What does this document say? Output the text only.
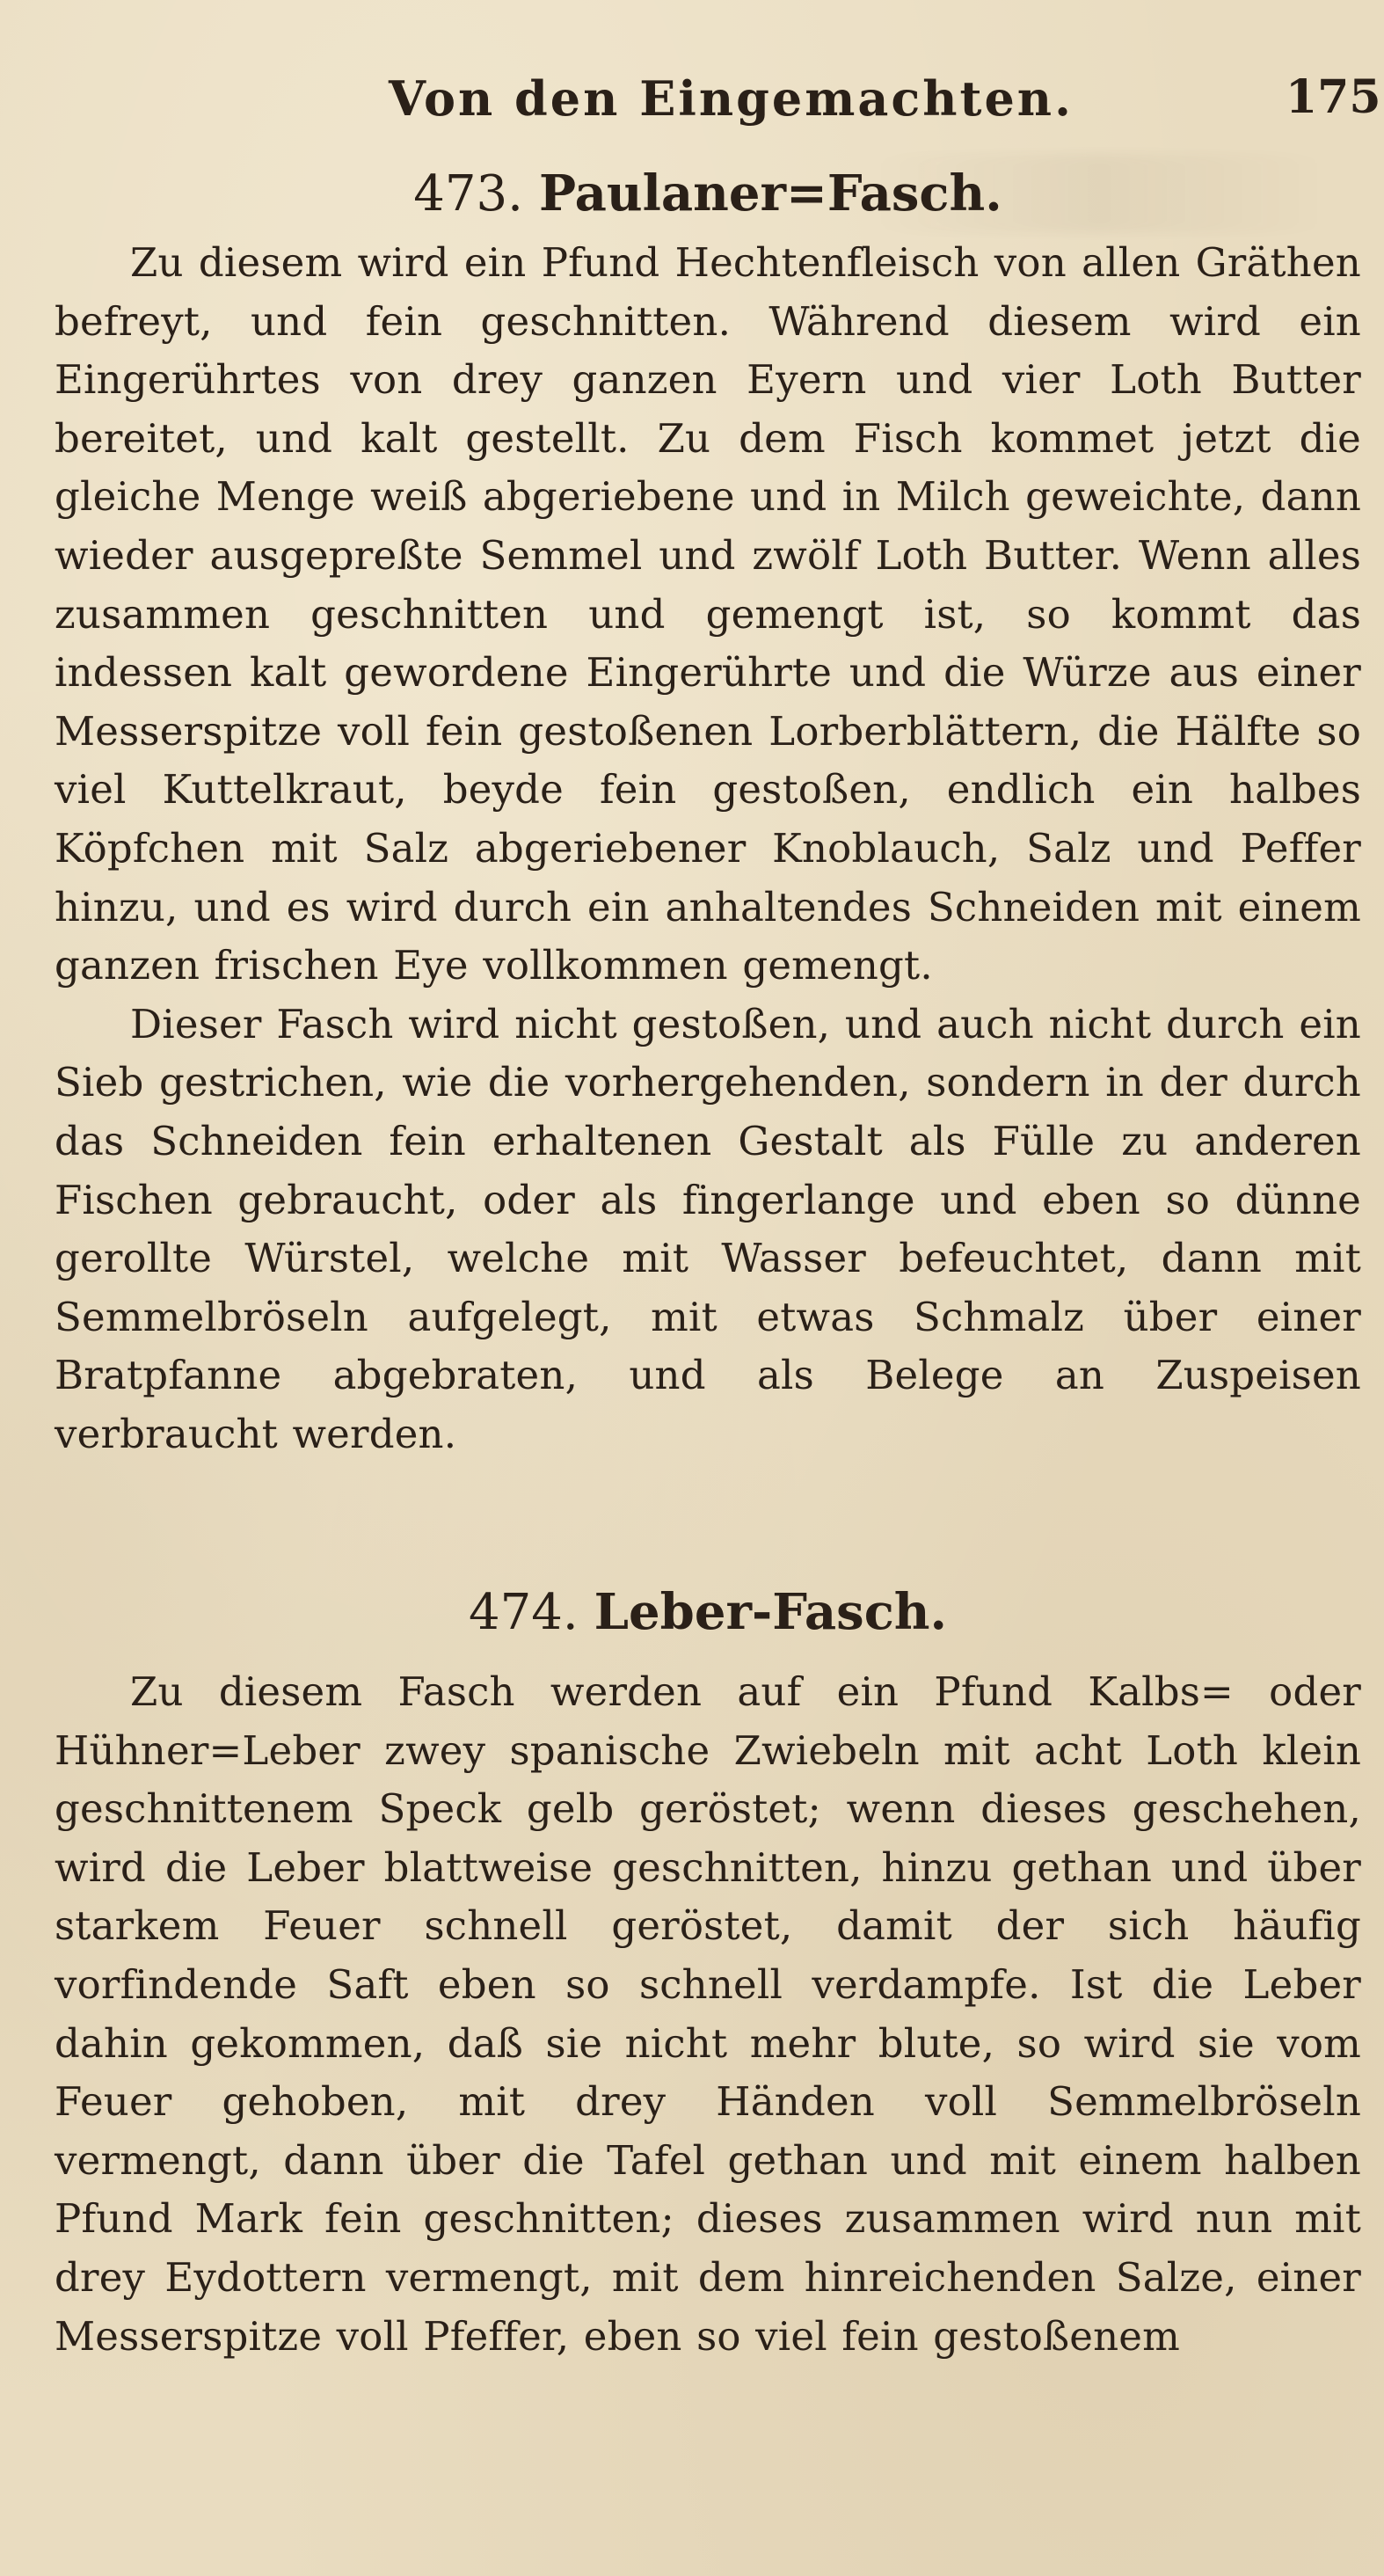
Von den Eingemachten.	175
473. Paulaner=Fasch.

Zu diesem wird ein Pfund Hechtenfleisch von allen Gräthen befreyt, und fein geschnitten. Während diesem wird ein Eingerührtes von drey ganzen Eyern und vier Loth Butter bereitet, und kalt gestellt. Zu dem Fisch kommet jetzt die gleiche Menge weiß abgeriebene und in Milch geweichte, dann wieder ausgepreßte Semmel und zwölf Loth Butter. Wenn alles zusammen geschnitten und gemengt ist, so kommt das indessen kalt gewordene Eingerührte und die Würze aus einer Messerspitze voll fein gestoßenen Lorberblättern, die Hälfte so viel Kuttelkraut, beyde fein gestoßen, endlich ein halbes Köpfchen mit Salz abgeriebener Knoblauch, Salz und Peffer hinzu, und es wird durch ein anhaltendes Schneiden mit einem ganzen frischen Eye vollkommen gemengt.

Dieser Fasch wird nicht gestoßen, und auch nicht durch ein Sieb gestrichen, wie die vorhergehenden, sondern in der durch das Schneiden fein erhaltenen Gestalt als Fülle zu anderen Fischen gebraucht, oder als fingerlange und eben so dünne gerollte Würstel, welche mit Wasser befeuchtet, dann mit Semmelbröseln aufgelegt, mit etwas Schmalz über einer Bratpfanne abgebraten, und als Belege an Zuspeisen verbraucht werden.

474. Leber-Fasch.

Zu diesem Fasch werden auf ein Pfund Kalbs= oder Hühner=Leber zwey spanische Zwiebeln mit acht Loth klein geschnittenem Speck gelb geröstet; wenn dieses geschehen, wird die Leber blattweise geschnitten, hinzu gethan und über starkem Feuer schnell geröstet, damit der sich häufig vorfindende Saft eben so schnell verdampfe. Ist die Leber dahin gekommen, daß sie nicht mehr blute, so wird sie vom Feuer gehoben, mit drey Händen voll Semmelbröseln vermengt, dann über die Tafel gethan und mit einem halben Pfund Mark fein geschnitten; dieses zusammen wird nun mit drey Eydottern vermengt, mit dem hinreichenden Salze, einer Messerspitze voll Pfeffer, eben so viel fein gestoßenem
